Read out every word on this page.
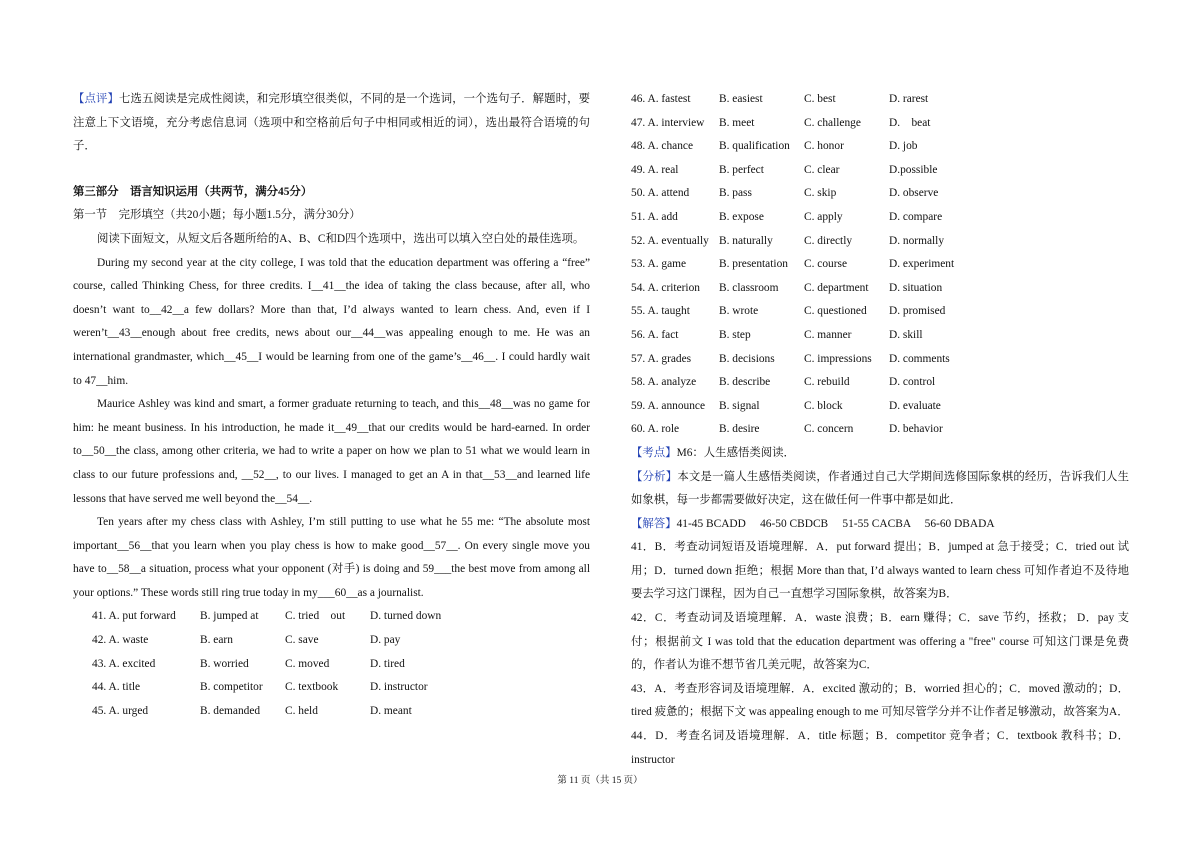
【点评】七选五阅读是完成性阅读，和完形填空很类似，不同的是一个选词，一个选句子．解题时，要注意上下文语境，充分考虑信息词（选项中和空格前后句子中相同或相近的词），选出最符合语境的句子．

第三部分　语言知识运用（共两节，满分45分）

第一节　完形填空（共20小题；每小题1.5分，满分30分）

阅读下面短文，从短文后各题所给的A、B、C和D四个选项中，选出可以填入空白处的最佳选项。

During my second year at the city college, I was told that the education department was offering a “free” course, called Thinking Chess, for three credits. I__41__the idea of taking the class because, after all, who doesn’t want to__42__a few dollars? More than that, I’d always wanted to learn chess. And, even if I weren’t__43__enough about free credits, news about our__44__was appealing enough to me. He was an international grandmaster, which__45__I would be learning from one of the game’s__46__. I could hardly wait to 47__him.

Maurice Ashley was kind and smart, a former graduate returning to teach, and this__48__was no game for him: he meant business. In his introduction, he made it__49__that our credits would be hard-earned. In order to__50__the class, among other criteria, we had to write a paper on how we plan to 51 what we would learn in class to our future professions and, __52__, to our lives. I managed to get an A in that__53__and learned life lessons that have served me well beyond the__54__.

Ten years after my chess class with Ashley, I’m still putting to use what he 55 me: “The absolute most important__56__that you learn when you play chess is how to make good__57__. On every single move you have to__58__a situation, process what your opponent (对手) is doing and 59___the best move from among all your options.” These words still ring true today in my___60__as a journalist.

41. A. put forward	B. jumped at	C. tried　out	D. turned down
42. A. waste	B. earn	C. save	D. pay
43. A. excited	B. worried	C. moved	D. tired
44. A. title	B. competitor	C. textbook	D. instructor
45. A. urged	B. demanded	C. held	D. meant
46. A. fastest	B. easiest	C. best	D. rarest
47. A. interview	B. meet	C. challenge	D.　beat
48. A. chance	B. qualification	C. honor	D. job
49. A. real	B. perfect	C. clear	D.possible
50. A. attend	B. pass	C. skip	D. observe
51. A. add	B. expose	C. apply	D. compare
52. A. eventually B. naturally	C. directly	D. normally
53. A. game	B. presentation	C. course	D. experiment
54. A. criterion	B. classroom	C. department	D. situation
55. A. taught	B. wrote	C. questioned	D. promised
56. A. fact	B. step	C. manner	D. skill
57. A. grades	B. decisions	C. impressions	D. comments
58. A. analyze	B. describe	C. rebuild	D. control
59. A. announce	B. signal	C. block	D. evaluate
60. A. role	B. desire	C. concern	D. behavior

【考点】M6：人生感悟类阅读．

【分析】本文是一篇人生感悟类阅读，作者通过自己大学期间选修国际象棋的经历，告诉我们人生如象棋，每一步都需要做好决定，这在做任何一件事中都是如此．

【解答】41-45 BCADD　 46-50 CBDCB　 51-55 CACBA　 56-60 DBADA

41．B．考查动词短语及语境理解．A．put forward 提出；B．jumped at 急于接受；C．tried out 试用；D．turned down 拒绝；根据 More than that, I’d always wanted to learn chess 可知作者迫不及待地要去学习这门课程，因为自己一直想学习国际象棋，故答案为B．

42．C．考查动词及语境理解．A．waste 浪费；B．earn 赚得；C．save 节约，拯救； D．pay 支付；根据前文 I was told that the education department was offering a "free" course 可知这门课是免费的，作者认为谁不想节省几美元呢，故答案为C．

43．A．考查形容词及语境理解．A．excited 激动的；B．worried 担心的；C．moved 激动的；D．tired 疲惫的；根据下文 was appealing enough to me 可知尽管学分并不让作者足够激动，故答案为A．

44．D．考查名词及语境理解．A．title 标题；B．competitor 竞争者；C．textbook 教科书；D．instructor

第 11 页（共 15 页）
